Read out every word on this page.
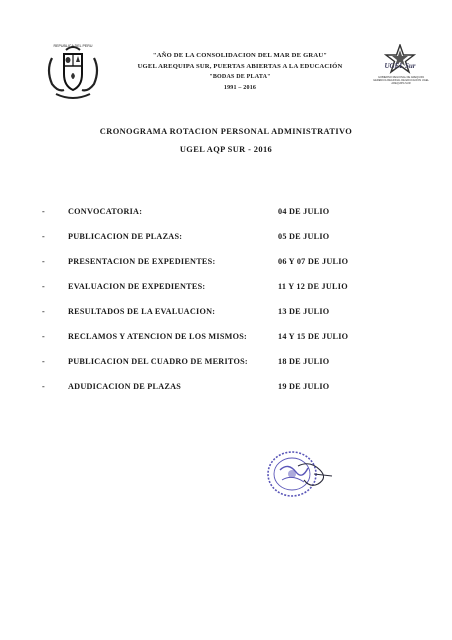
REPUBLICA DEL PERU
UGEL Sur
GOBIERNO REGIONAL DE AREQUIPA GERENCIA REGIONAL DE EDUCACION UGEL AREQUIPA SUR
"AÑO DE LA CONSOLIDACION DEL MAR DE GRAU"
UGEL AREQUIPA SUR, PUERTAS ABIERTAS A LA EDUCACIÓN
"BODAS DE PLATA"
1991 – 2016
CRONOGRAMA ROTACION PERSONAL ADMINISTRATIVO
UGEL AQP SUR - 2016
-	CONVOCATORIA:	04 DE JULIO
-	PUBLICACION DE PLAZAS:	05 DE JULIO
-	PRESENTACION DE EXPEDIENTES:	06 Y 07 DE JULIO
-	EVALUACION DE EXPEDIENTES:	11 Y 12 DE JULIO
-	RESULTADOS DE LA EVALUACION:	13 DE JULIO
-	RECLAMOS Y ATENCION DE LOS MISMOS:	14 Y 15 DE JULIO
-	PUBLICACION DEL CUADRO DE MERITOS:	18 DE JULIO
-	ADUDICACION DE PLAZAS	19 DE JULIO
